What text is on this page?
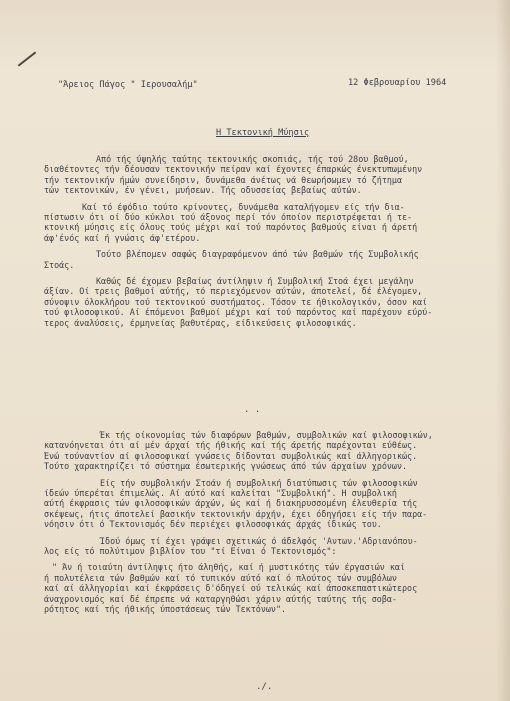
"Άρειος Πάγος " Ιερουσαλήμ"	12 Φεβρουαρίου 1964
Η Τεκτονική Μύησις
Από τής ύψηλής ταύτης τεκτονικής σκοπιάς, τής τού 28ου βαθμού,
διαθέτοντες τήν δέουσαν τεκτονικήν πείραν καί έχοντες έπαρκώς ένεκτυπωμένην
τήν τεκτονικήν ήμών συνείδησιν, δυνάμεθα άνέτως νά θεωρήσωμεν τό ζήτημα
τών τεκτονικών, έν γένει, μυήσεων. Τής οδυσσείας βεβαίως αύτών.
Καί τό έφόδιο τούτο κρίνοντες, δυνάμεθα καταλήγομεν είς τήν δια-
πίστωσιν ότι οί δύο κύκλοι τού άξονος περί τόν όποίον περιστρέφεται ή τε-
κτονική μύησις είς όλους τούς μέχρι καί τού παρόντος βαθμούς είναι ή άρετή
άφ'ένός καί ή γνώσις άφ'ετέρου.
Τούτο βλέπομεν σαφώς διαγραφόμενον άπό τών βαθμών τής Συμβολικής
Στοάς.
Καθώς δέ έχομεν βεβαίως άντίληψιν ή Συμβολική Στοά έχει μεγάλην
άξίαν. Οί τρεις βαθμοί αύτής, τό περιεχόμενον αύτών, άποτελεί, δέ έλέγομεν,
σύνοψιν όλοκλήρου τού τεκτονικού συστήματος. Τόσον τε ήθικολογικόν, όσον καί
τού φιλοσοφικού. Αί έπόμενοι βαθμοί μέχρι καί τού παρόντος καί παρέχουν εύρύ-
τερος άναλύσεις, έρμηνείας βαθυτέρας, είδικεύσεις φιλοσοφικάς.
. .
Έκ τής οίκονομίας τών διαφόρων βαθμών, συμβολικών καί φιλοσοφικών,
κατανόηνεται ότι αί μέν άρχαί τής ήθικής καί τής άρετής παρέχονται εύθέως.
Ένώ τούναντίον αί φιλοσοφικαί γνώσεις δίδονται συμβολικώς καί άλληγορικώς.
Τούτο χαρακτηρίζει τό σύστημα έσωτερικής γνώσεως άπό τών άρχαίων χρόνων.
Είς τήν συμβολικήν Στοάν ή συμβολική διατύπωσις τών φιλοσοφικών
ίδεών ύπερέται έπιμελώς. Αί αύτό καί καλείται "Συμβολική". Η συμβολική
αύτή έκφρασις τών φιλοσοφικών άρχών, ώς καί ή διακηρυσσομένη έλευθερία τής
σκέψεως, ήτις άποτελεί βασικήν τεκτονικήν άρχήν, έχει όδηγήσει είς τήν παρα-
νόησιν ότι ό Τεκτονισμός δέν περιέχει φιλοσοφικάς άρχάς ίδικώς του.
Ίδού όμως τί έχει γράψει σχετικώς ό άδελφός 'Αντων.'Αδριανόπου-
λος είς τό πολύτιμον βιβλίον του "τί Είναι ό Τεκτονισμός":
" Άν ή τοιαύτη άντίληψις ήτο άληθής, καί ή μυστικότης τών έργασιών καί
ή πολυτέλεια τών βαθμών καί τό τυπικόν αύτό καί ό πλούτος τών συμβόλων
καί αί άλληγορίαι καί έκφράσεις δ'όδηγεί ού τελικώς καί άποσκεπαστικώτερος
άναχρονισμός καί δέ έπρεπε νά καταργηθώσι χάριν αύτής ταύτης τής σοβα-
ρότητος καί τής ήθικής ύποστάσεως τών Τεκτόνων".
./.
